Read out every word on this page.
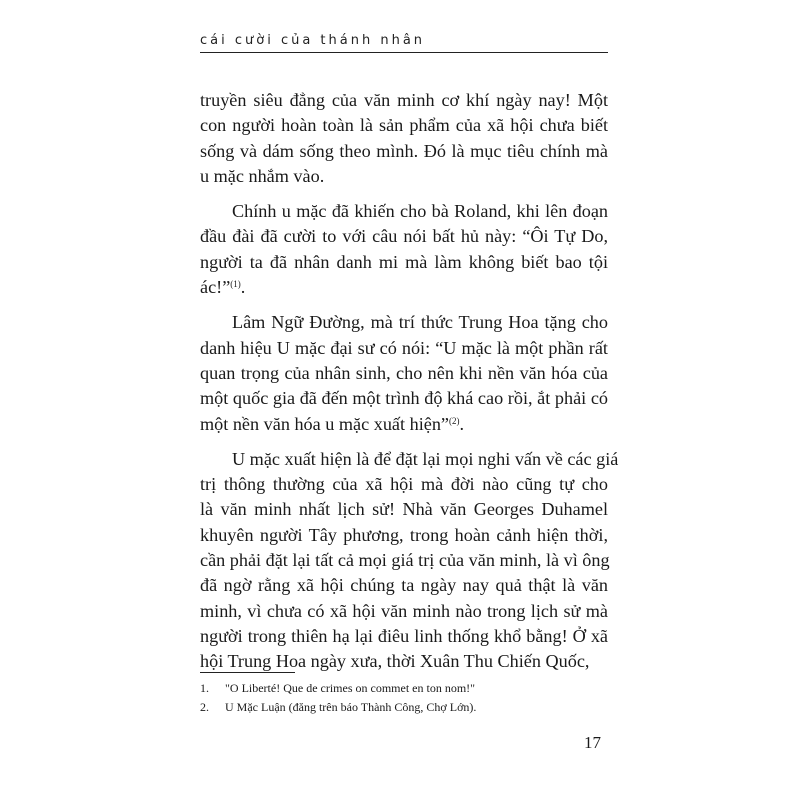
cái cười của thánh nhân

truyền siêu đẳng của văn minh cơ khí ngày nay! Một
con người hoàn toàn là sản phẩm của xã hội chưa biết
sống và dám sống theo mình. Đó là mục tiêu chính mà
u mặc nhắm vào.

Chính u mặc đã khiến cho bà Roland, khi lên đoạn
đầu đài đã cười to với câu nói bất hủ này: “Ôi Tự Do,
người ta đã nhân danh mi mà làm không biết bao tội
ác!”$^{(1)}$.

Lâm Ngữ Đường, mà trí thức Trung Hoa tặng cho
danh hiệu U mặc đại sư có nói: “U mặc là một phần rất
quan trọng của nhân sinh, cho nên khi nền văn hóa của
một quốc gia đã đến một trình độ khá cao rồi, ắt phải có
một nền văn hóa u mặc xuất hiện”$^{(2)}$.

U mặc xuất hiện là để đặt lại mọi nghi vấn về các giá
trị thông thường của xã hội mà đời nào cũng tự cho
là văn minh nhất lịch sử! Nhà văn Georges Duhamel
khuyên người Tây phương, trong hoàn cảnh hiện thời,
cần phải đặt lại tất cả mọi giá trị của văn minh, là vì ông
đã ngờ rằng xã hội chúng ta ngày nay quả thật là văn
minh, vì chưa có xã hội văn minh nào trong lịch sử mà
người trong thiên hạ lại điêu linh thống khổ bằng! Ở xã
hội Trung Hoa ngày xưa, thời Xuân Thu Chiến Quốc,

1. "O Liberté! Que de crimes on commet en ton nom!"
2. U Mặc Luận (đăng trên báo Thành Công, Chợ Lớn).
17
